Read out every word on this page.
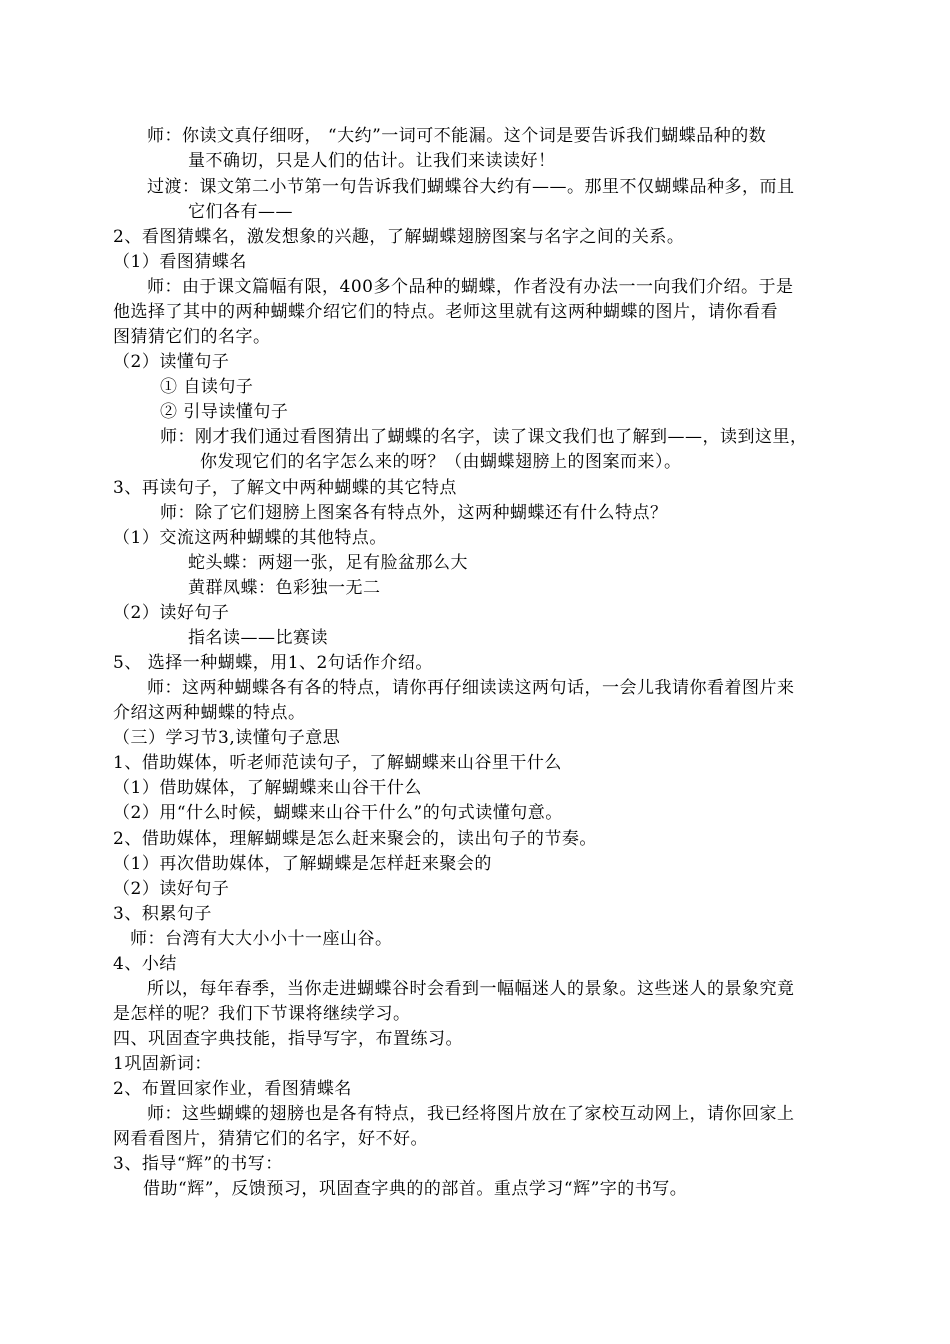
师：你读文真仔细呀， “大约”一词可不能漏。这个词是要告诉我们蝴蝶品种的数
量不确切，只是人们的估计。让我们来读读好！
过渡：课文第二小节第一句告诉我们蝴蝶谷大约有——。那里不仅蝴蝶品种多，而且
它们各有——
2、看图猜蝶名，激发想象的兴趣，了解蝴蝶翅膀图案与名字之间的关系。
（1）看图猜蝶名
师：由于课文篇幅有限，400多个品种的蝴蝶，作者没有办法一一向我们介绍。于是
他选择了其中的两种蝴蝶介绍它们的特点。老师这里就有这两种蝴蝶的图片，请你看看
图猜猜它们的名字。
（2）读懂句子
① 自读句子
② 引导读懂句子
师：刚才我们通过看图猜出了蝴蝶的名字，读了课文我们也了解到——，读到这里，
你发现它们的名字怎么来的呀？（由蝴蝶翅膀上的图案而来）。
3、再读句子，了解文中两种蝴蝶的其它特点
师：除了它们翅膀上图案各有特点外，这两种蝴蝶还有什么特点？
（1）交流这两种蝴蝶的其他特点。
蛇头蝶：两翅一张，足有脸盆那么大
黄群凤蝶：色彩独一无二
（2）读好句子
指名读——比赛读
5、 选择一种蝴蝶，用1、2句话作介绍。
师：这两种蝴蝶各有各的特点，请你再仔细读读这两句话，一会儿我请你看着图片来
介绍这两种蝴蝶的特点。
（三）学习节3,读懂句子意思
1、借助媒体，听老师范读句子，了解蝴蝶来山谷里干什么
（1）借助媒体，了解蝴蝶来山谷干什么
（2）用“什么时候，蝴蝶来山谷干什么”的句式读懂句意。
2、借助媒体，理解蝴蝶是怎么赶来聚会的，读出句子的节奏。
（1）再次借助媒体，了解蝴蝶是怎样赶来聚会的
（2）读好句子
3、积累句子
师：台湾有大大小小十一座山谷。
4、小结
所以，每年春季，当你走进蝴蝶谷时会看到一幅幅迷人的景象。这些迷人的景象究竟
是怎样的呢？我们下节课将继续学习。
四、巩固查字典技能，指导写字，布置练习。
1巩固新词：
2、布置回家作业，看图猜蝶名
师：这些蝴蝶的翅膀也是各有特点，我已经将图片放在了家校互动网上，请你回家上
网看看图片，猜猜它们的名字，好不好。
3、指导“辉”的书写：
借助“辉”，反馈预习，巩固查字典的的部首。重点学习“辉”字的书写。
